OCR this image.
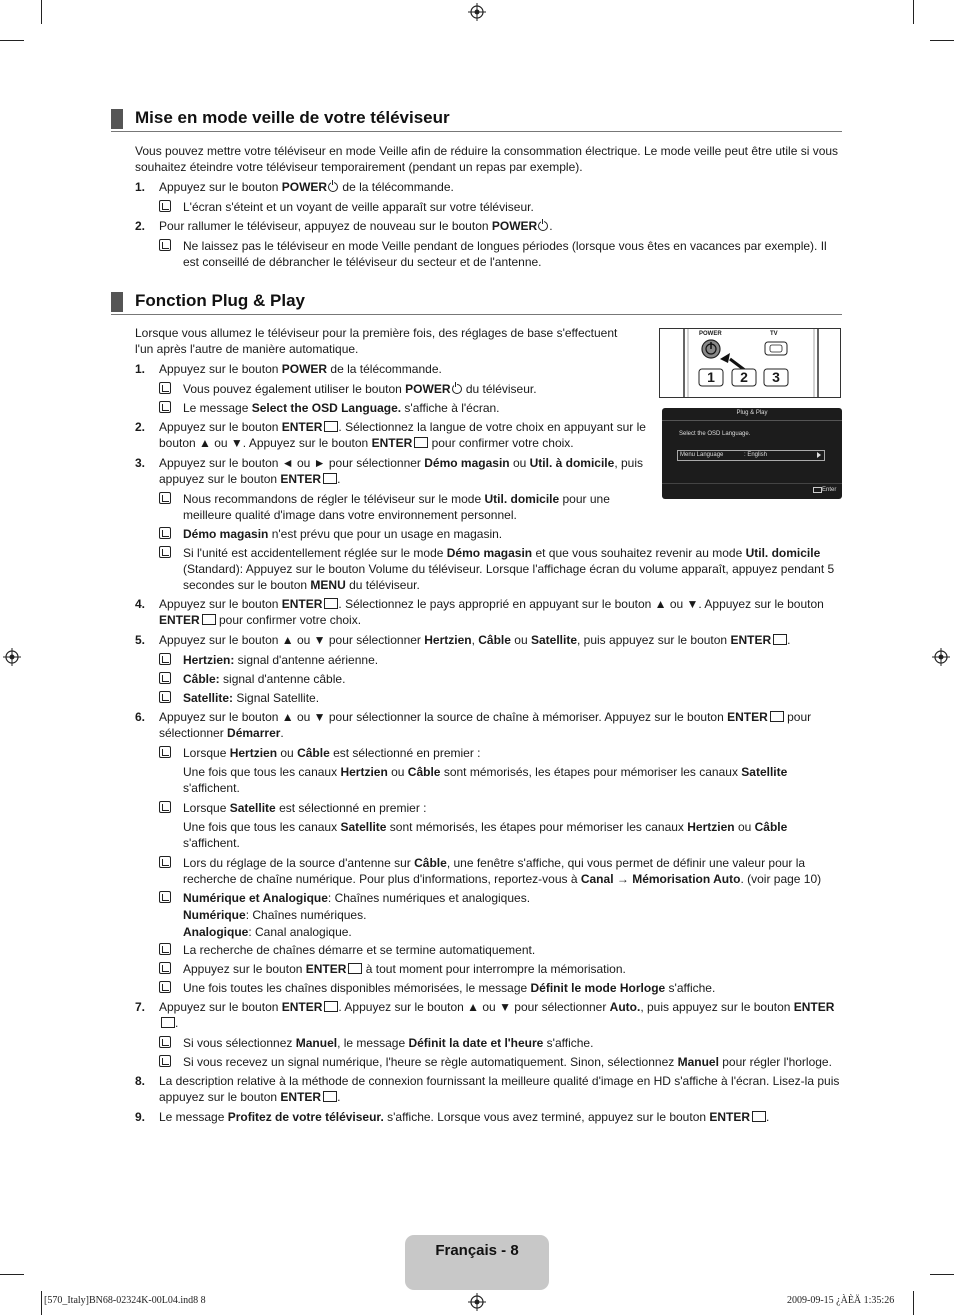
Mise en mode veille de votre téléviseur

Vous pouvez mettre votre téléviseur en mode Veille afin de réduire la consommation électrique. Le mode veille peut être utile si vous souhaitez éteindre votre téléviseur temporairement (pendant un repas par exemple).

1. Appuyez sur le bouton POWER de la télécommande.
L'écran s'éteint et un voyant de veille apparaît sur votre téléviseur.
2. Pour rallumer le téléviseur, appuyez de nouveau sur le bouton POWER .
Ne laissez pas le téléviseur en mode Veille pendant de longues périodes (lorsque vous êtes en vacances par exemple). Il est conseillé de débrancher le téléviseur du secteur et de l'antenne.
Fonction Plug & Play
POWER	TV
1	2	3
Plug & Play
Select the OSD Language.
Menu Language	: English
Enter

Lorsque vous allumez le téléviseur pour la première fois, des réglages de base s'effectuent l'un après l'autre de manière automatique.

1. Appuyez sur le bouton POWER de la télécommande.
Vous pouvez également utiliser le bouton POWER du téléviseur.
Le message Select the OSD Language. s'affiche à l'écran.
2. Appuyez sur le bouton ENTER . Sélectionnez la langue de votre choix en appuyant sur le bouton ▲ ou ▼. Appuyez sur le bouton ENTER pour confirmer votre choix.
3. Appuyez sur le bouton ◄ ou ► pour sélectionner Démo magasin ou Util. à domicile, puis appuyez sur le bouton ENTER .
Nous recommandons de régler le téléviseur sur le mode Util. domicile pour une meilleure qualité d'image dans votre environnement personnel.
Démo magasin n'est prévu que pour un usage en magasin.
Si l'unité est accidentellement réglée sur le mode Démo magasin et que vous souhaitez revenir au mode Util. domicile (Standard): Appuyez sur le bouton Volume du téléviseur. Lorsque l'affichage écran du volume apparaît, appuyez pendant 5 secondes sur le bouton MENU du téléviseur.
4. Appuyez sur le bouton ENTER . Sélectionnez le pays approprié en appuyant sur le bouton ▲ ou ▼. Appuyez sur le bouton ENTER pour confirmer votre choix.
5. Appuyez sur le bouton ▲ ou ▼ pour sélectionner Hertzien, Câble ou Satellite, puis appuyez sur le bouton ENTER .
Hertzien: signal d'antenne aérienne.
Câble: signal d'antenne câble.
Satellite: Signal Satellite.
6. Appuyez sur le bouton ▲ ou ▼ pour sélectionner la source de chaîne à mémoriser. Appuyez sur le bouton ENTER pour sélectionner Démarrer.
Lorsque Hertzien ou Câble est sélectionné en premier :
Une fois que tous les canaux Hertzien ou Câble sont mémorisés, les étapes pour mémoriser les canaux Satellite s'affichent.
Lorsque Satellite est sélectionné en premier :
Une fois que tous les canaux Satellite sont mémorisés, les étapes pour mémoriser les canaux Hertzien ou Câble s'affichent.
Lors du réglage de la source d'antenne sur Câble, une fenêtre s'affiche, qui vous permet de définir une valeur pour la recherche de chaîne numérique. Pour plus d'informations, reportez-vous à Canal → Mémorisation Auto. (voir page 10)
Numérique et Analogique: Chaînes numériques et analogiques.
Numérique: Chaînes numériques.
Analogique: Canal analogique.
La recherche de chaînes démarre et se termine automatiquement.
Appuyez sur le bouton ENTER à tout moment pour interrompre la mémorisation.
Une fois toutes les chaînes disponibles mémorisées, le message Définit le mode Horloge s'affiche.
7. Appuyez sur le bouton ENTER . Appuyez sur le bouton ▲ ou ▼ pour sélectionner Auto., puis appuyez sur le bouton ENTER.
Si vous sélectionnez Manuel, le message Définit la date et l'heure s'affiche.
Si vous recevez un signal numérique, l'heure se règle automatiquement. Sinon, sélectionnez Manuel pour régler l'horloge.
8. La description relative à la méthode de connexion fournissant la meilleure qualité d'image en HD s'affiche à l'écran. Lisez-la puis appuyez sur le bouton ENTER .
9. Le message Profitez de votre téléviseur. s'affiche. Lorsque vous avez terminé, appuyez sur le bouton ENTER .
Français - 8
[570_Italy]BN68-02324K-00L04.ind8 8	2009-09-15 ¿ÀÈÄ 1:35:26
